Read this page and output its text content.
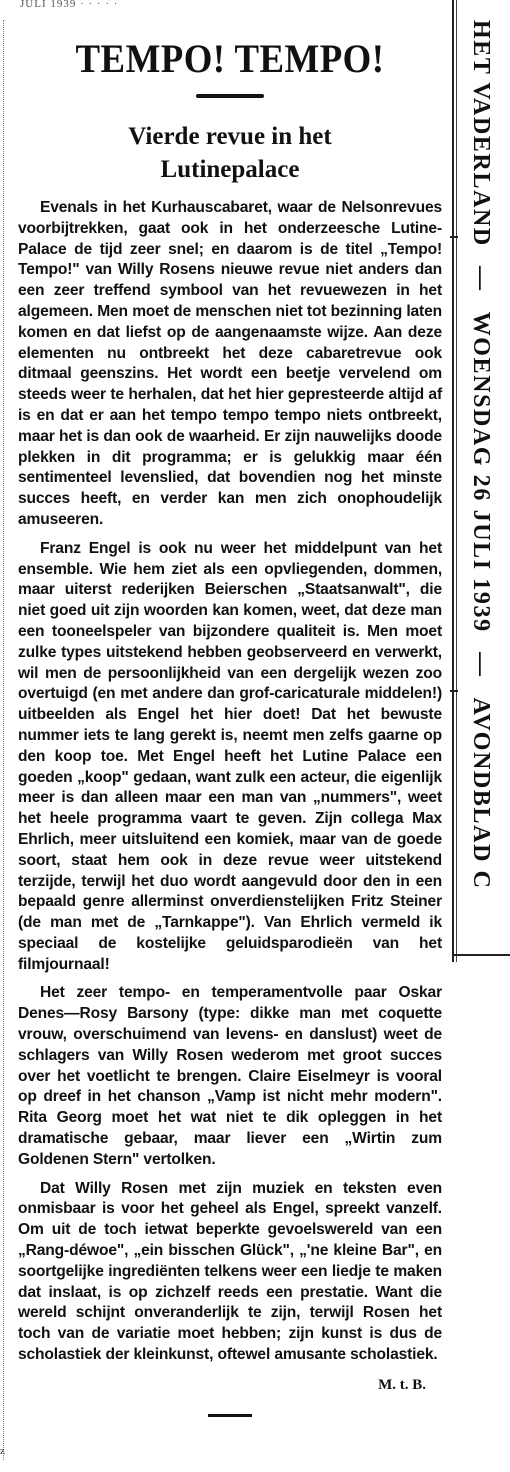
JULI 1939 · · · · ·
z
TEMPO! TEMPO!
Vierde revue in het
Lutinepalace

Evenals in het Kurhauscabaret, waar de Nelsonrevues voorbijtrekken, gaat ook in het onderzeesche Lutine-Palace de tijd zeer snel; en daarom is de titel „Tempo! Tempo!" van Willy Rosens nieuwe revue niet anders dan een zeer treffend symbool van het revuewezen in het algemeen. Men moet de menschen niet tot bezinning laten komen en dat liefst op de aangenaamste wijze. Aan deze elementen nu ontbreekt het deze cabaretrevue ook ditmaal geenszins. Het wordt een beetje vervelend om steeds weer te herhalen, dat het hier gepresteerde altijd af is en dat er aan het tempo tempo tempo niets ontbreekt, maar het is dan ook de waarheid. Er zijn nauwelijks doode plekken in dit programma; er is gelukkig maar één sentimenteel levenslied, dat bovendien nog het minste succes heeft, en verder kan men zich onophoudelijk amuseeren.

Franz Engel is ook nu weer het middelpunt van het ensemble. Wie hem ziet als een opvliegenden, dommen, maar uiterst rederijken Beierschen „Staatsanwalt", die niet goed uit zijn woorden kan komen, weet, dat deze man een tooneelspeler van bijzondere qualiteit is. Men moet zulke types uitstekend hebben geobserveerd en verwerkt, wil men de persoonlijkheid van een dergelijk wezen zoo overtuigd (en met andere dan grof-caricaturale middelen!) uitbeelden als Engel het hier doet! Dat het bewuste nummer iets te lang gerekt is, neemt men zelfs gaarne op den koop toe. Met Engel heeft het Lutine Palace een goeden „koop" gedaan, want zulk een acteur, die eigenlijk meer is dan alleen maar een man van „nummers", weet het heele programma vaart te geven. Zijn collega Max Ehrlich, meer uitsluitend een komiek, maar van de goede soort, staat hem ook in deze revue weer uitstekend terzijde, terwijl het duo wordt aangevuld door den in een bepaald genre allerminst onverdienstelijken Fritz Steiner (de man met de „Tarnkappe"). Van Ehrlich vermeld ik speciaal de kostelijke geluidsparodieën van het filmjournaal!

Het zeer tempo- en temperamentvolle paar Oskar Denes—Rosy Barsony (type: dikke man met coquette vrouw, overschuimend van levens- en danslust) weet de schlagers van Willy Rosen wederom met groot succes over het voetlicht te brengen. Claire Eiselmeyr is vooral op dreef in het chanson „Vamp ist nicht mehr modern". Rita Georg moet het wat niet te dik opleggen in het dramatische gebaar, maar liever een „Wirtin zum Goldenen Stern" vertolken.

Dat Willy Rosen met zijn muziek en teksten even onmisbaar is voor het geheel als Engel, spreekt vanzelf. Om uit de toch ietwat beperkte gevoelswereld van een „Rang-déwoe", „ein bisschen Glück", „'ne kleine Bar", en soortgelijke ingrediënten telkens weer een liedje te maken dat inslaat, is op zichzelf reeds een prestatie. Want die wereld schijnt onveranderlijk te zijn, terwijl Rosen het toch van de variatie moet hebben; zijn kunst is dus de scholastiek der kleinkunst, oftewel amusante scholastiek.

M. t. B.
HET VADERLAND — WOENSDAG 26 JULI 1939 — AVONDBLAD C
